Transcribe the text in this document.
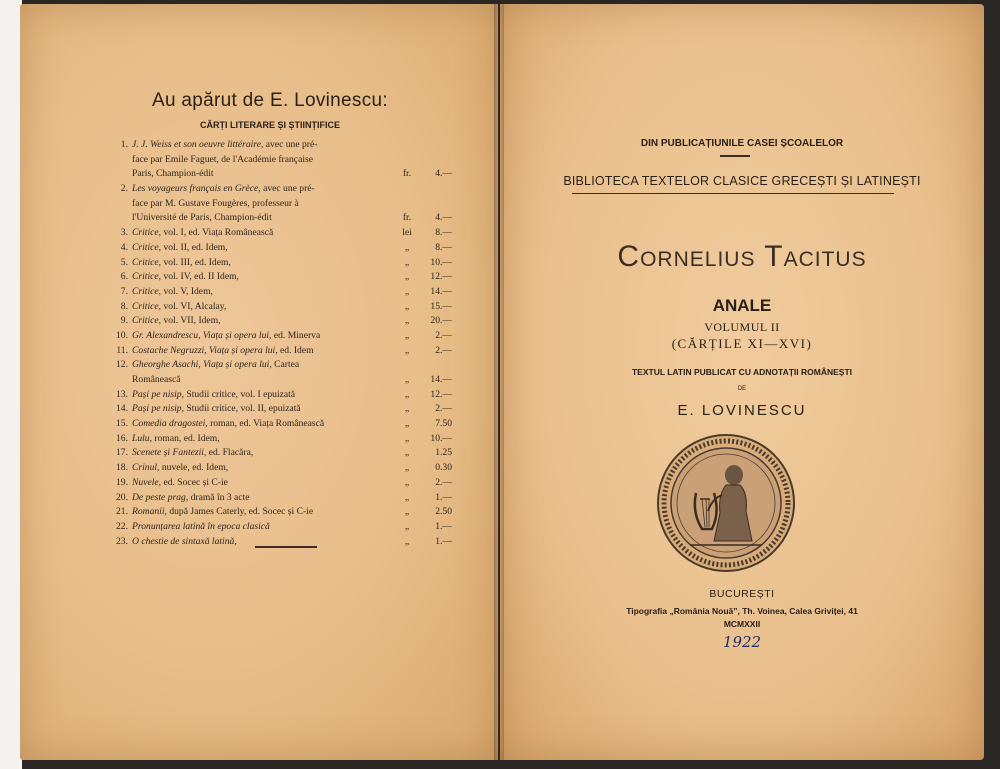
Au apărut de E. Lovinescu:
CĂRȚI LITERARE ȘI ȘTIINȚIFICE
1. J. J. Weiss et son oeuvre littéraire, avec une pré-
face par Emile Faguet, de l'Académie française
Paris, Champion-édit	fr.	4.—
2. Les voyageurs français en Grèce, avec une pré-
face par M. Gustave Fougères, professeur à
l'Université de Paris, Champion-édit	fr.	4.—
3. Critice, vol. I, ed. Viața Românească	lei	8.—
4. Critice, vol. II, ed. Idem,	„	8.—
5. Critice, vol. III, ed. Idem,	„	10.—
6. Critice, vol. IV, ed. II Idem,	„	12.—
7. Critice, vol. V, Idem,	„	14.—
8. Critice, vol. VI, Alcalay,	„	15.—
9. Critice, vol. VII, Idem,	„	20.—
10. Gr. Alexandrescu, Viața și opera lui, ed. Minerva	„	2.—
11. Costache Negruzzi, Viața și opera lui, ed. Idem	„	2.—
12. Gheorghe Asachi, Viața și opera lui, Cartea
Românească	„	14.—
13. Pași pe nisip, Studii critice, vol. I epuizată	„	12.—
14. Pași pe nisip, Studii critice, vol. II, epuizată	„	2.—
15. Comedia dragostei, roman, ed. Viața Românească	„	7.50
16. Lulu, roman, ed. Idem,	„	10.—
17. Scenete și Fantezii, ed. Flacăra,	„	1.25
18. Crinul, nuvele, ed. Idem,	„	0.30
19. Nuvele, ed. Socec și C-ie	„	2.—
20. De peste prag, dramă în 3 acte	„	1.—
21. Romanii, după James Caterly, ed. Socec și C-ie	„	2.50
22. Pronunțarea latină în epoca clasică	„	1.—
23. O chestie de sintaxă latină,	„	1.—
DIN PUBLICAȚIUNILE CASEI ȘCOALELOR
BIBLIOTECA TEXTELOR CLASICE GRECEȘTI ȘI LATINEȘTI
Cornelius Tacitus
ANALE
VOLUMUL II
(CĂRȚILE XI—XVI)
TEXTUL LATIN PUBLICAT CU ADNOTAȚII ROMÂNEȘTI
DE
E. LOVINESCU
BUCUREȘTI
Tipografia „România Nouă”, Th. Voinea, Calea Griviței, 41
MCMXXII
1922
